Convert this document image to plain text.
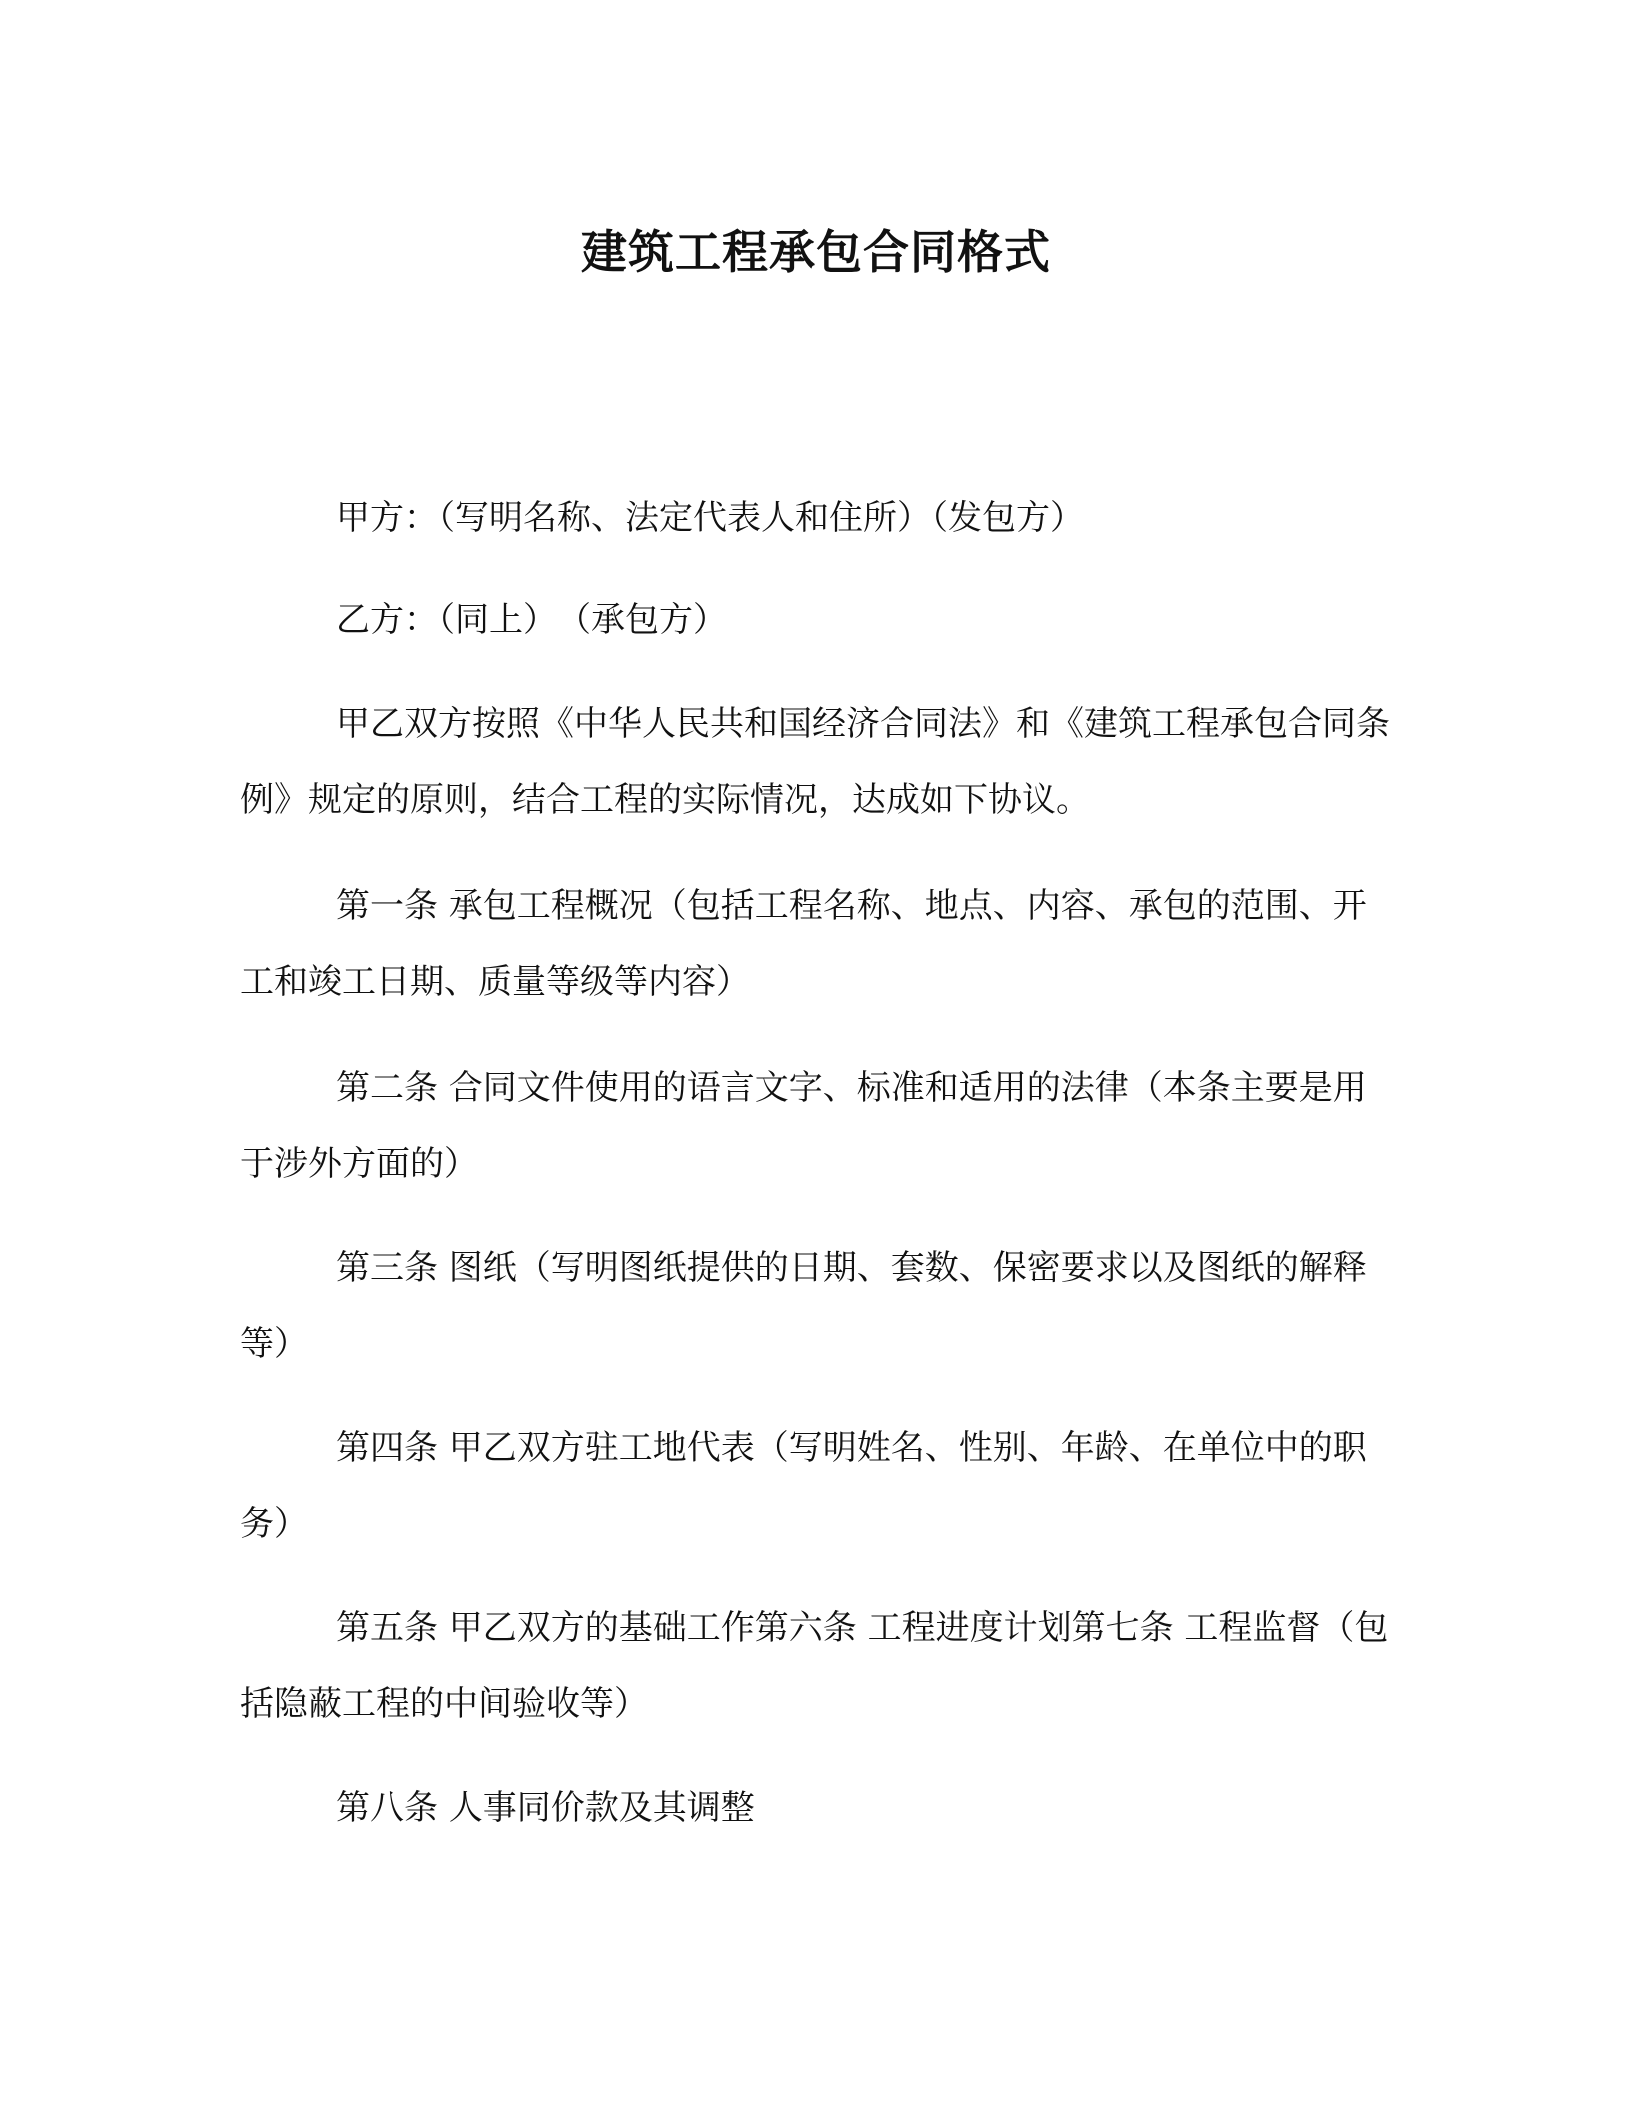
建筑工程承包合同格式

甲方：（写明名称、法定代表人和住所）（发包方）

乙方：（同上）　（承包方）

甲乙双方按照《中华人民共和国经济合同法》和《建筑工程承包合同条例》规定的原则，结合工程的实际情况，达成如下协议。

第一条 承包工程概况（包括工程名称、地点、内容、承包的范围、开工和竣工日期、质量等级等内容）

第二条 合同文件使用的语言文字、标准和适用的法律（本条主要是用于涉外方面的）

第三条 图纸（写明图纸提供的日期、套数、保密要求以及图纸的解释等）

第四条 甲乙双方驻工地代表（写明姓名、性别、年龄、在单位中的职务）

第五条 甲乙双方的基础工作第六条 工程进度计划第七条 工程监督（包括隐蔽工程的中间验收等）

第八条 人事同价款及其调整
